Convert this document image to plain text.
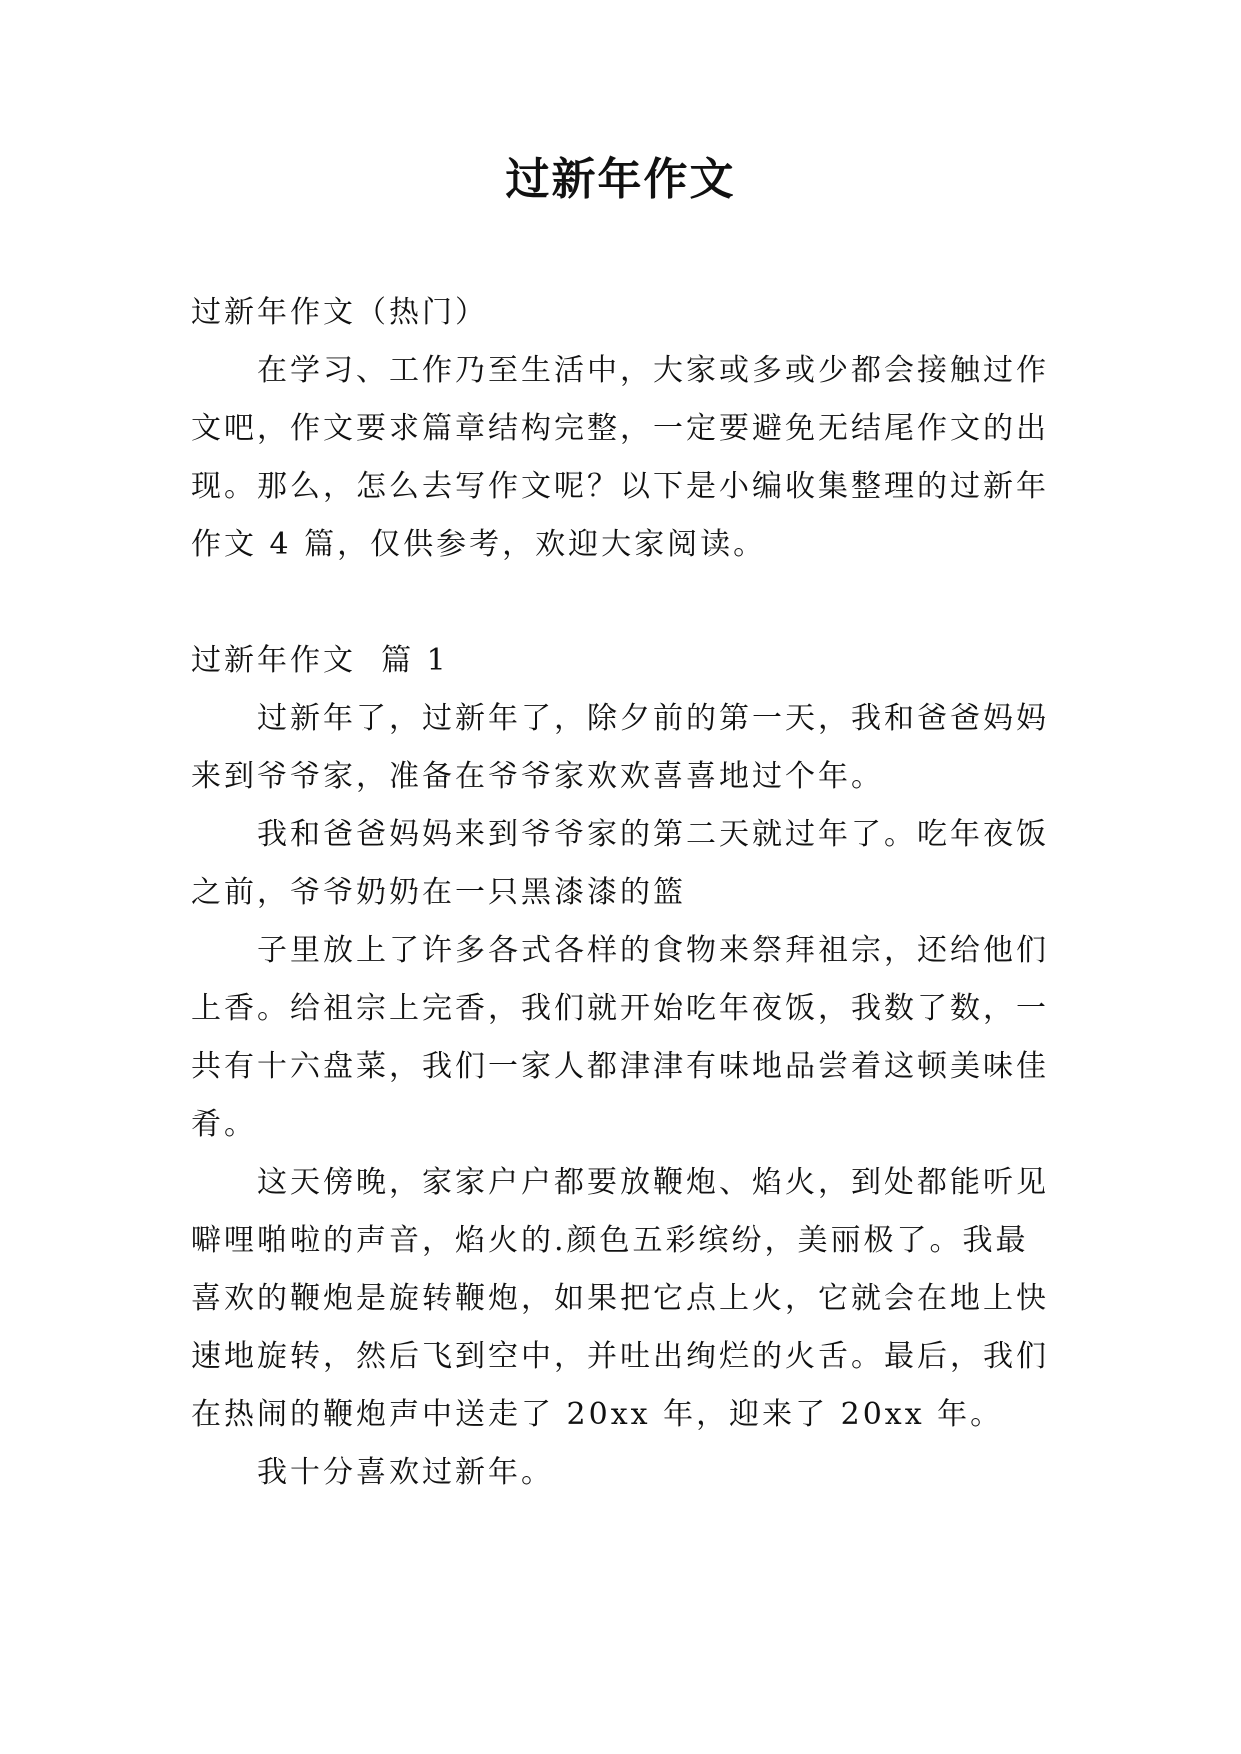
过新年作文

过新年作文（热门）

在学习、工作乃至生活中，大家或多或少都会接触过作

文吧，作文要求篇章结构完整，一定要避免无结尾作文的出

现。那么，怎么去写作文呢？以下是小编收集整理的过新年

作文 4 篇，仅供参考，欢迎大家阅读。

过新年作文  篇 1

过新年了，过新年了，除夕前的第一天，我和爸爸妈妈

来到爷爷家，准备在爷爷家欢欢喜喜地过个年。

我和爸爸妈妈来到爷爷家的第二天就过年了。吃年夜饭

之前，爷爷奶奶在一只黑漆漆的篮

子里放上了许多各式各样的食物来祭拜祖宗，还给他们

上香。给祖宗上完香，我们就开始吃年夜饭，我数了数，一

共有十六盘菜，我们一家人都津津有味地品尝着这顿美味佳

肴。

这天傍晚，家家户户都要放鞭炮、焰火，到处都能听见

噼哩啪啦的声音，焰火的.颜色五彩缤纷，美丽极了。我最

喜欢的鞭炮是旋转鞭炮，如果把它点上火，它就会在地上快

速地旋转，然后飞到空中，并吐出绚烂的火舌。最后，我们

在热闹的鞭炮声中送走了 20xx 年，迎来了 20xx 年。

我十分喜欢过新年。
